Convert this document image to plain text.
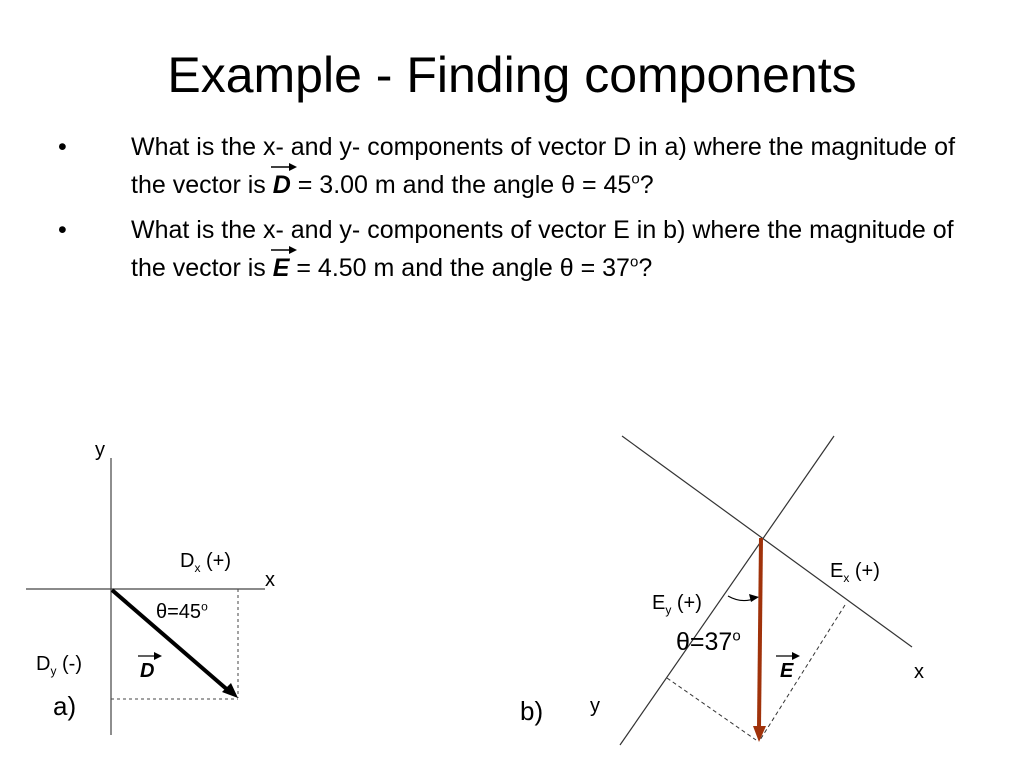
Example - Finding components
•	What is the x- and y- components of vector D in a) where the magnitude of the vector is
D = 3.00 m and the angle $\theta = 45^o$?
•	What is the x- and y- components of vector E in b) where the magnitude of the vector is
E = 4.50 m and the angle $\theta = 37^o$?
y
x
$D_x$ (+)
$D_y$ (-)
$\theta=45^o$
D
a)	y
x
$E_x$ (+)
$E_y$ (+)
$\theta=37^o$
E
b)
